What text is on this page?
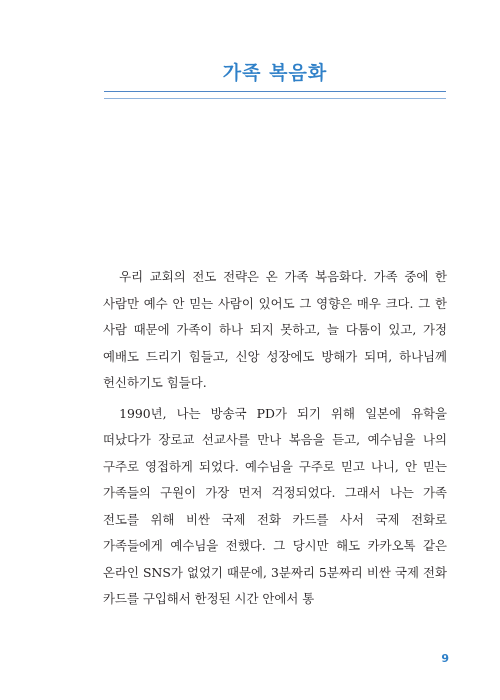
가족 복음화

우리 교회의 전도 전략은 온 가족 복음화다. 가족 중에 한 사람만 예수 안 믿는 사람이 있어도 그 영향은 매우 크다. 그 한 사람 때문에 가족이 하나 되지 못하고, 늘 다툼이 있고, 가정 예배도 드리기 힘들고, 신앙 성장에도 방해가 되며, 하나님께 헌신하기도 힘들다.

1990년, 나는 방송국 PD가 되기 위해 일본에 유학을 떠났다가 장로교 선교사를 만나 복음을 듣고, 예수님을 나의 구주로 영접하게 되었다. 예수님을 구주로 믿고 나니, 안 믿는 가족들의 구원이 가장 먼저 걱정되었다. 그래서 나는 가족 전도를 위해 비싼 국제 전화 카드를 사서 국제 전화로 가족들에게 예수님을 전했다. 그 당시만 해도 카카오톡 같은 온라인 SNS가 없었기 때문에, 3분짜리 5분짜리 비싼 국제 전화 카드를 구입해서 한정된 시간 안에서 통

9
